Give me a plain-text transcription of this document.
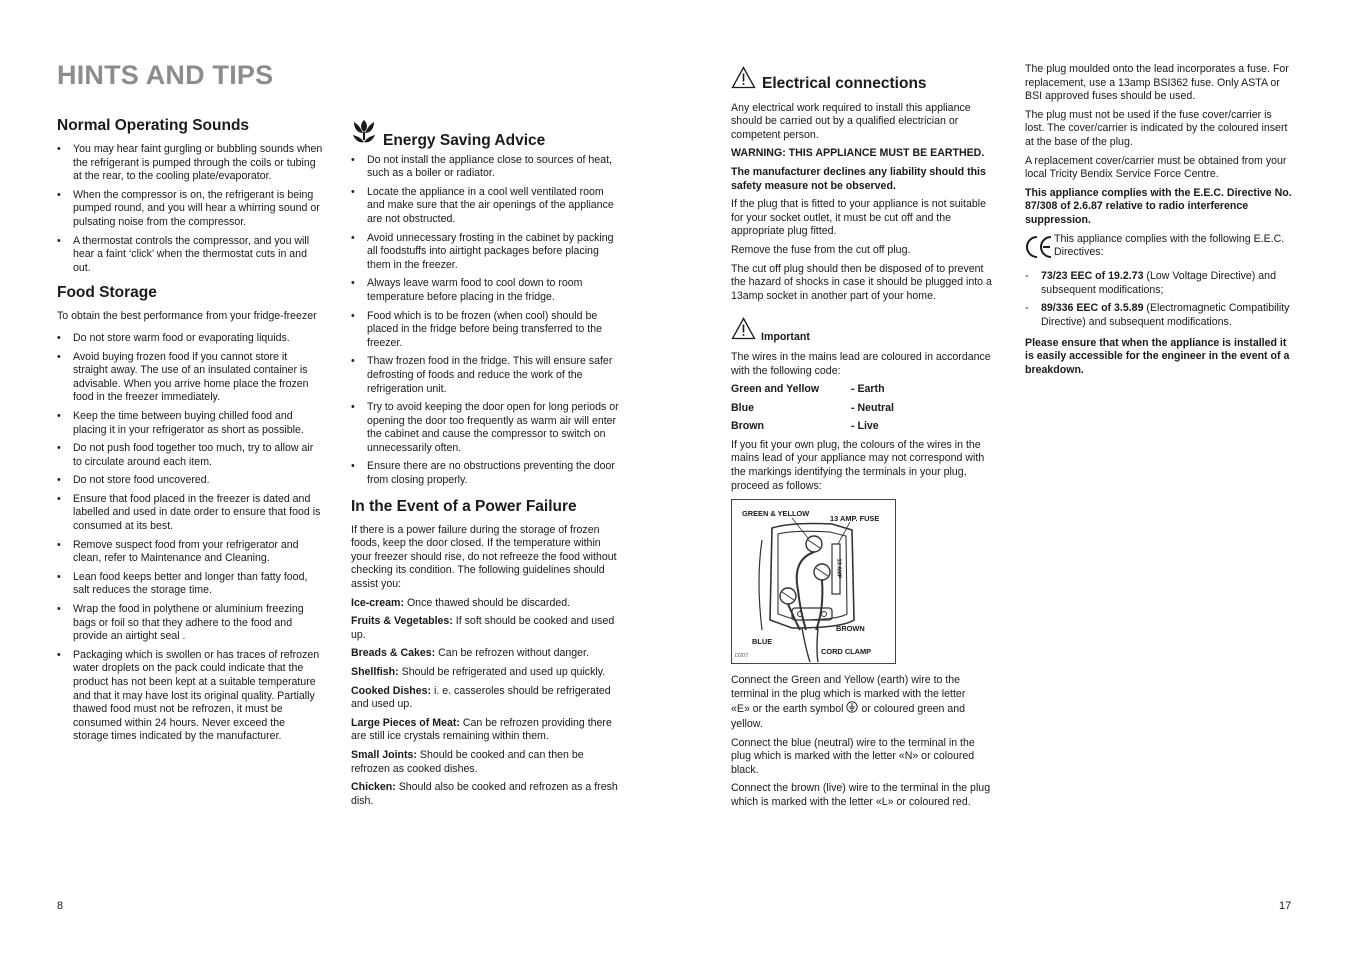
HINTS AND TIPS
Normal Operating Sounds
• You may hear faint gurgling or bubbling sounds when the refrigerant is pumped through the coils or tubing at the rear, to the cooling plate/evaporator.
• When the compressor is on, the refrigerant is being pumped round, and you will hear a whirring sound or pulsating noise from the compressor.
• A thermostat controls the compressor, and you will hear a faint ‘click’ when the thermostat cuts in and out.
Food Storage

To obtain the best performance from your fridge-freezer

• Do not store warm food or evaporating liquids.
• Avoid buying frozen food if you cannot store it straight away. The use of an insulated container is advisable. When you arrive home place the frozen food in the freezer immediately.
• Keep the time between buying chilled food and placing it in your refrigerator as short as possible.
• Do not push food together too much, try to allow air to circulate around each item.
• Do not store food uncovered.
• Ensure that food placed in the freezer is dated and labelled and used in date order to ensure that food is consumed at its best.
• Remove suspect food from your refrigerator and clean, refer to Maintenance and Cleaning.
• Lean food keeps better and longer than fatty food, salt reduces the storage time.
• Wrap the food in polythene or aluminium freezing bags or foil so that they adhere to the food and provide an airtight seal .
• Packaging which is swollen or has traces of refrozen water droplets on the pack could indicate that the product has not been kept at a suitable temperature and that it may have lost its original quality. Partially thawed food must not be refrozen, it must be consumed within 24 hours. Never exceed the storage times indicated by the manufacturer.
Energy Saving Advice
• Do not install the appliance close to sources of heat, such as a boiler or radiator.
• Locate the appliance in a cool well ventilated room and make sure that the air openings of the appliance are not obstructed.
• Avoid unnecessary frosting in the cabinet by packing all foodstuffs into airtight packages before placing them in the freezer.
• Always leave warm food to cool down to room temperature before placing in the fridge.
• Food which is to be frozen (when cool) should be placed in the fridge before being transferred to the freezer.
• Thaw frozen food in the fridge. This will ensure safer defrosting of foods and reduce the work of the refrigeration unit.
• Try to avoid keeping the door open for long periods or opening the door too frequently as warm air will enter the cabinet and cause the compressor to switch on unnecessarily often.
• Ensure there are no obstructions preventing the door from closing properly.
In the Event of a Power Failure

If there is a power failure during the storage of frozen foods, keep the door closed. If the temperature within your freezer should rise, do not refreeze the food without checking its condition. The following guidelines should assist you:

Ice-cream: Once thawed should be discarded.

Fruits & Vegetables: If soft should be cooked and used up.

Breads & Cakes: Can be refrozen without danger.

Shellfish: Should be refrigerated and used up quickly.

Cooked Dishes: i. e. casseroles should be refrigerated and used up.

Large Pieces of Meat: Can be refrozen providing there are still ice crystals remaining within them.

Small Joints: Should be cooked and can then be refrozen as cooked dishes.

Chicken: Should also be cooked and refrozen as a fresh dish.

Electrical connections

Any electrical work required to install this appliance should be carried out by a qualified electrician or competent person.

WARNING: THIS APPLIANCE MUST BE EARTHED.

The manufacturer declines any liability should this safety measure not be observed.

If the plug that is fitted to your appliance is not suitable for your socket outlet, it must be cut off and the appropriate plug fitted.

Remove the fuse from the cut off plug.

The cut off plug should then be disposed of to prevent the hazard of shocks in case it should be plugged into a 13amp socket in another part of your home.

Important

The wires in the mains lead are coloured in accordance with the following code:

Green and Yellow	- Earth
Blue	- Neutral
Brown	- Live

If you fit your own plug, the colours of the wires in the mains lead of your appliance may not correspond with the markings identifying the terminals in your plug, proceed as follows:

GREEN & YELLOW
13 AMP. FUSE
13 AMP
BROWN
BLUE
CORD CLAMP
D207

Connect the Green and Yellow (earth) wire to the terminal in the plug which is marked with the letter
«E» or the earth symbol  or coloured green and yellow.

Connect the blue (neutral) wire to the terminal in the plug which is marked with the letter «N» or coloured black.

Connect the brown (live) wire to the terminal in the plug which is marked with the letter «L» or coloured red.

The plug moulded onto the lead incorporates a fuse. For replacement, use a 13amp BSI362 fuse. Only ASTA or BSI approved fuses should be used.

The plug must not be used if the fuse cover/carrier is lost. The cover/carrier is indicated by the coloured insert at the base of the plug.

A replacement cover/carrier must be obtained from your local Tricity Bendix Service Force Centre.

This appliance complies with the E.E.C. Directive No. 87/308 of 2.6.87 relative to radio interference suppression.

This appliance complies with the following E.E.C. Directives:
- 73/23 EEC of 19.2.73 (Low Voltage Directive) and subsequent modifications;
- 89/336 EEC of 3.5.89 (Electromagnetic Compatibility Directive) and subsequent modifications.

Please ensure that when the appliance is installed it is easily accessible for the engineer in the event of a breakdown.

8	17
